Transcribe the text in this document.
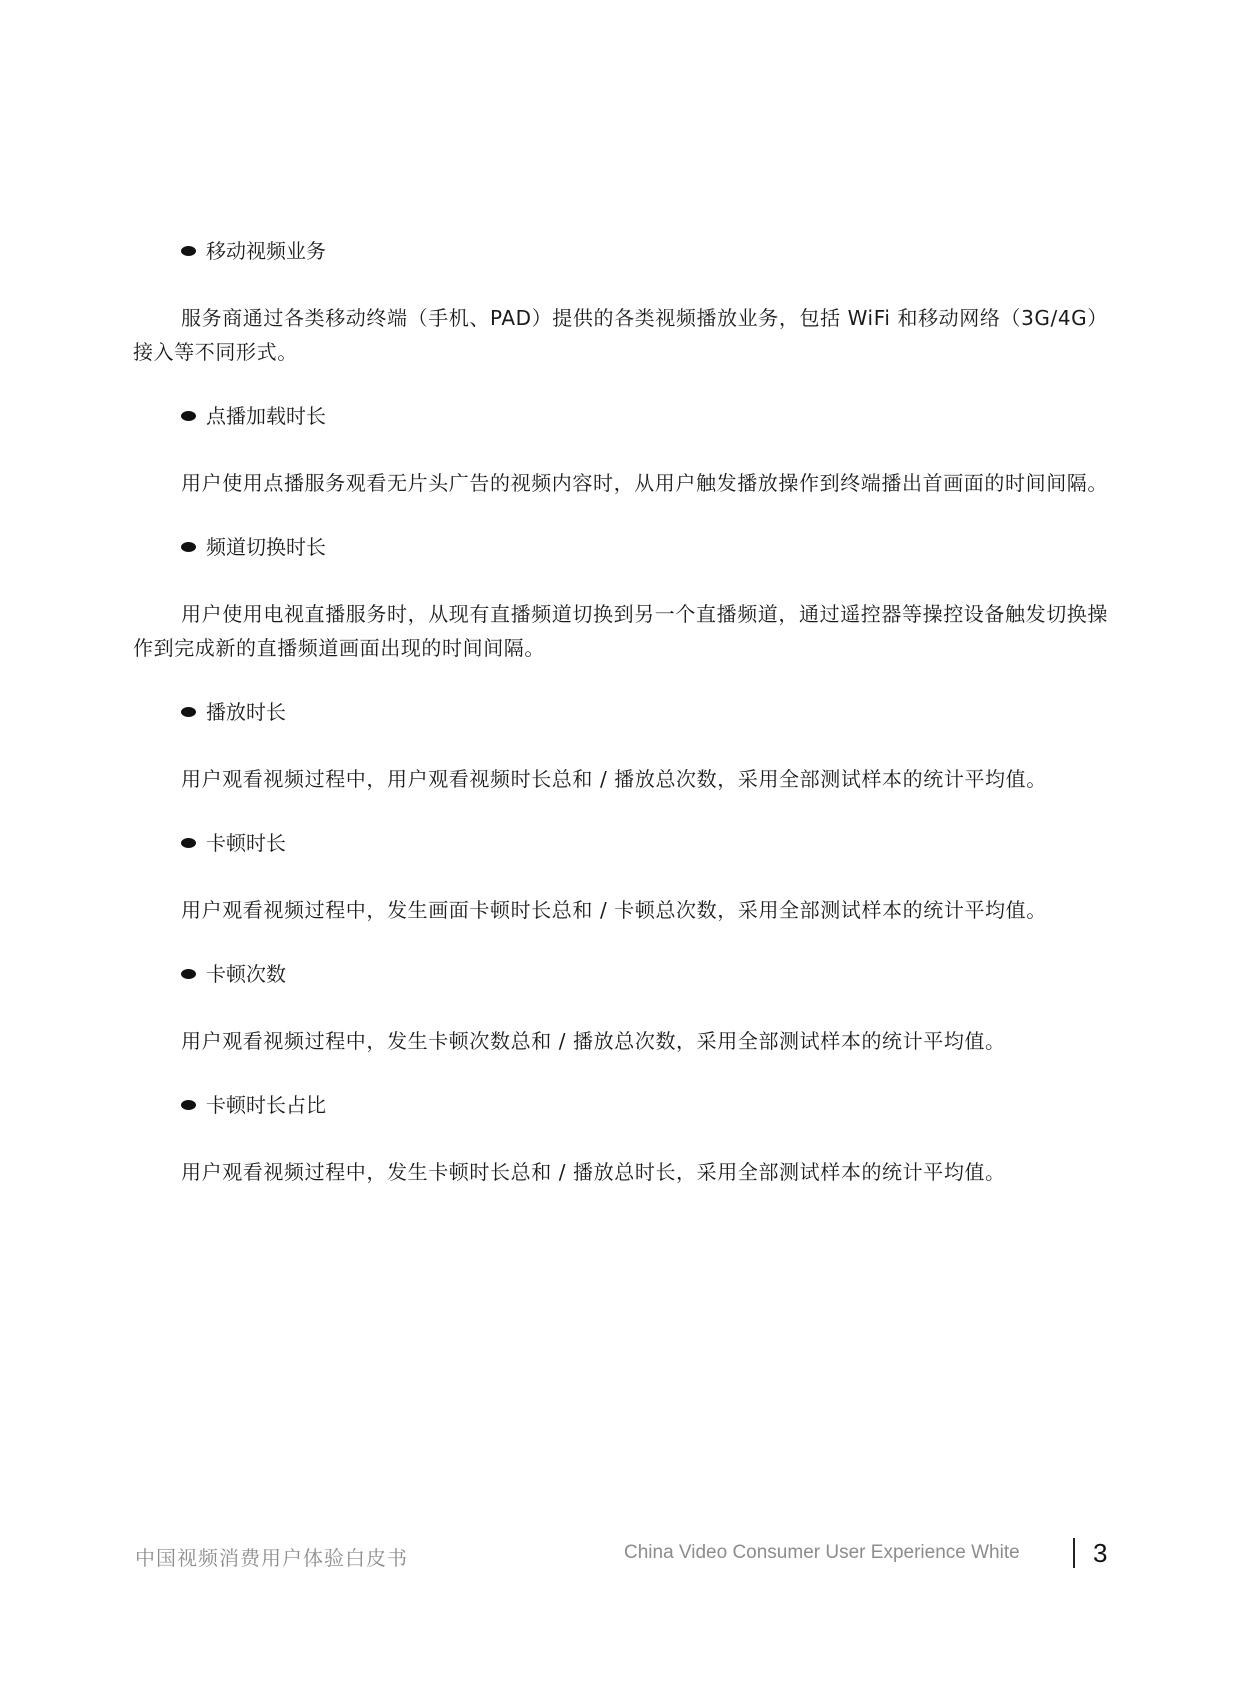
移动视频业务

服务商通过各类移动终端（手机、PAD）提供的各类视频播放业务，包括 WiFi 和移动网络（3G/4G）接入等不同形式。

点播加载时长

用户使用点播服务观看无片头广告的视频内容时，从用户触发播放操作到终端播出首画面的时间间隔。

频道切换时长

用户使用电视直播服务时，从现有直播频道切换到另一个直播频道，通过遥控器等操控设备触发切换操作到完成新的直播频道画面出现的时间间隔。

播放时长

用户观看视频过程中，用户观看视频时长总和 / 播放总次数，采用全部测试样本的统计平均值。

卡顿时长

用户观看视频过程中，发生画面卡顿时长总和 / 卡顿总次数，采用全部测试样本的统计平均值。

卡顿次数

用户观看视频过程中，发生卡顿次数总和 / 播放总次数，采用全部测试样本的统计平均值。

卡顿时长占比

用户观看视频过程中，发生卡顿时长总和 / 播放总时长，采用全部测试样本的统计平均值。

中国视频消费用户体验白皮书	China Video Consumer User Experience White	3
